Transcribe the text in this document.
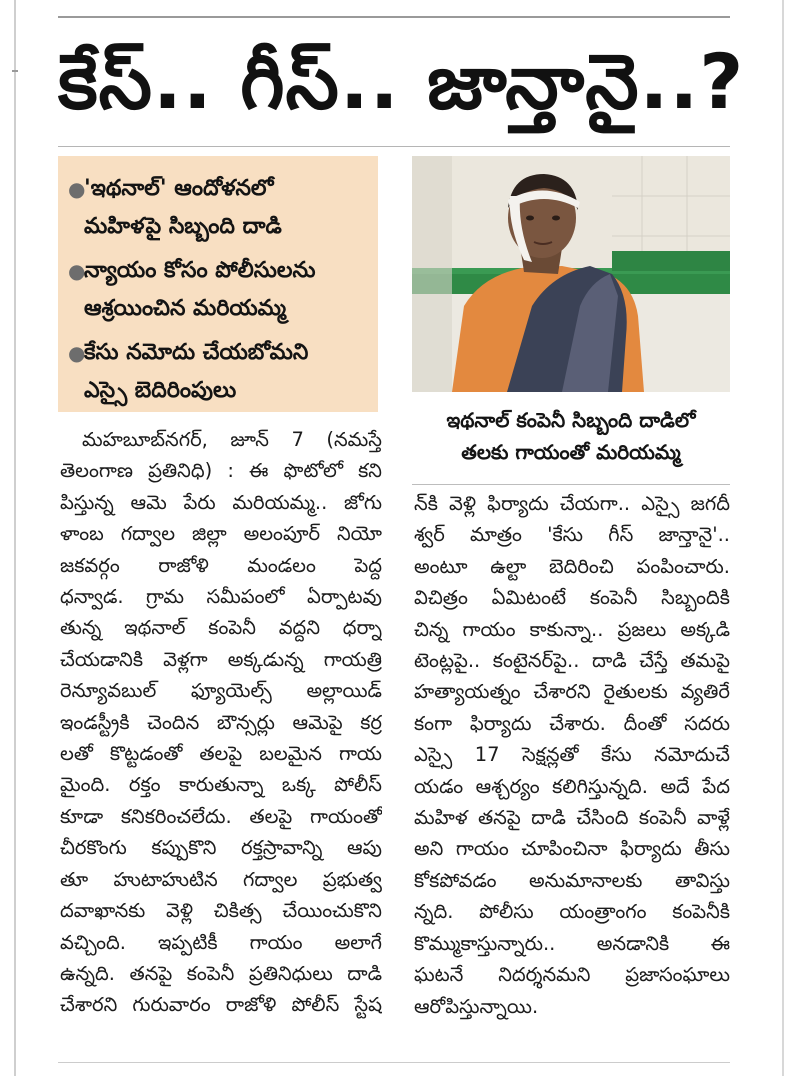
కేస్.. గీస్.. జాన్తానై..?
●
'ఇథనాల్' ఆందోళనలో
మహిళపై సిబ్బంది దాడి
●
న్యాయం కోసం పోలీసులను
ఆశ్రయించిన మరియమ్మ
●
కేసు నమోదు చేయబోమని
ఎస్సై బెదిరింపులు
ఇథనాల్ కంపెనీ సిబ్బంది దాడిలో
తలకు గాయంతో మరియమ్మ
మహబూబ్‌నగర్, జూన్ 7 (నమస్తే
తెలంగాణ ప్రతినిధి) : ఈ ఫొటోలో కని
పిస్తున్న ఆమె పేరు మరియమ్మ.. జోగు
ళాంబ గద్వాల జిల్లా అలంపూర్ నియో
జకవర్గం రాజోళి మండలం పెద్ద
ధన్వాడ. గ్రామ సమీపంలో ఏర్పాటవు
తున్న ఇథనాల్ కంపెనీ వద్దని ధర్నా
చేయడానికి వెళ్లగా అక్కడున్న గాయత్రి
రెన్యూవబుల్ ఫ్యూయెల్స్ అల్లాయిడ్
ఇండస్ట్రీకి చెందిన బౌన్సర్లు ఆమెపై కర్ర
లతో కొట్టడంతో తలపై బలమైన గాయ
మైంది. రక్తం కారుతున్నా ఒక్క పోలీస్
కూడా కనికరించలేదు. తలపై గాయంతో
చీరకొంగు కప్పుకొని రక్తస్రావాన్ని ఆపు
తూ హుటాహుటిన గద్వాల ప్రభుత్వ
దవాఖానకు వెళ్లి చికిత్స చేయించుకొని
వచ్చింది. ఇప్పటికీ గాయం అలాగే
ఉన్నది. తనపై కంపెనీ ప్రతినిధులు దాడి
చేశారని గురువారం రాజోళి పోలీస్ స్టేష
న్‌కి వెళ్లి ఫిర్యాదు చేయగా.. ఎస్సై జగదీ
శ్వర్ మాత్రం 'కేసు గీస్ జాన్తానై'..
అంటూ ఉల్టా బెదిరించి పంపించారు.
విచిత్రం ఏమిటంటే కంపెనీ సిబ్బందికి
చిన్న గాయం కాకున్నా.. ప్రజలు అక్కడి
టెంట్లపై.. కంటైనర్‌పై.. దాడి చేస్తే తమపై
హత్యాయత్నం చేశారని రైతులకు వ్యతిరే
కంగా ఫిర్యాదు చేశారు. దీంతో సదరు
ఎస్సై 17 సెక్షన్లతో కేసు నమోదుచే
యడం ఆశ్చర్యం కలిగిస్తున్నది. అదే పేద
మహిళ తనపై దాడి చేసింది కంపెనీ వాళ్లే
అని గాయం చూపించినా ఫిర్యాదు తీసు
కోకపోవడం అనుమానాలకు తావిస్తు
న్నది. పోలీసు యంత్రాంగం కంపెనీకి
కొమ్ముకాస్తున్నారు.. అనడానికి ఈ
ఘటనే నిదర్శనమని ప్రజాసంఘాలు
ఆరోపిస్తున్నాయి.
